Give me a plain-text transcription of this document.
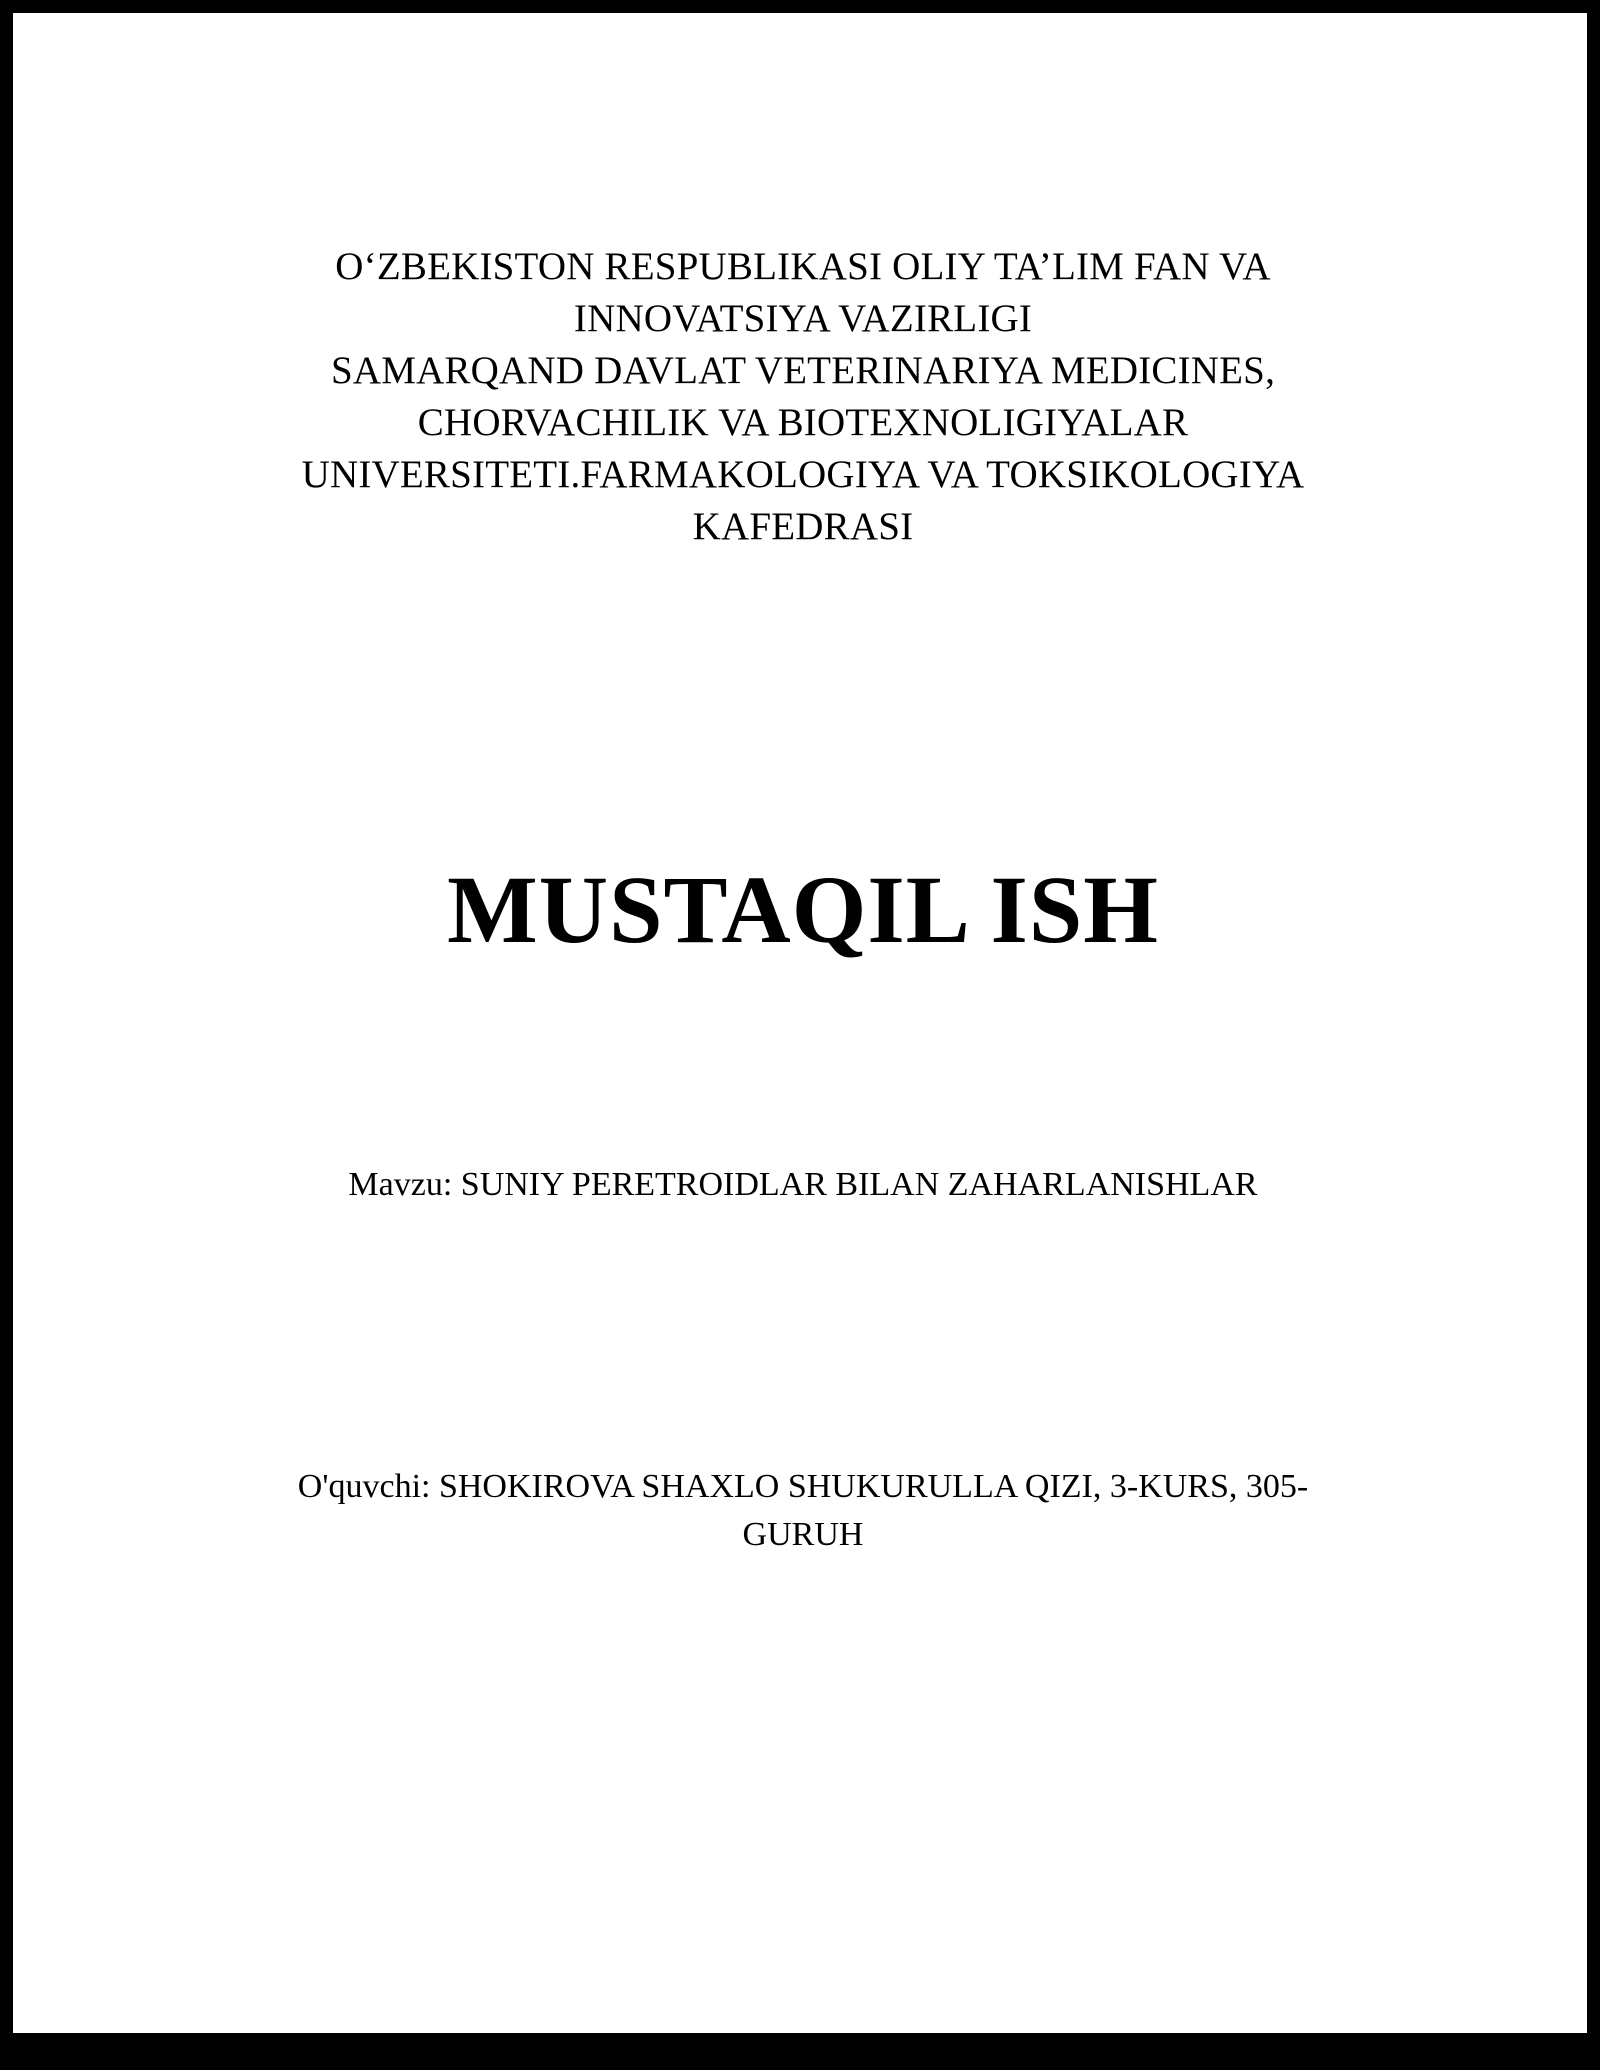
O‘ZBEKISTON RESPUBLIKASI OLIY TA’LIM FAN VA
INNOVATSIYA VAZIRLIGI
SAMARQAND DAVLAT VETERINARIYA MEDICINES,
CHORVACHILIK VA BIOTEXNOLIGIYALAR
UNIVERSITETI.FARMAKOLOGIYA VA TOKSIKOLOGIYA
KAFEDRASI
MUSTAQIL ISH
Mavzu: SUNIY PERETROIDLAR BILAN ZAHARLANISHLAR
O'quvchi: SHOKIROVA SHAXLO SHUKURULLA QIZI, 3-KURS, 305-GURUH
